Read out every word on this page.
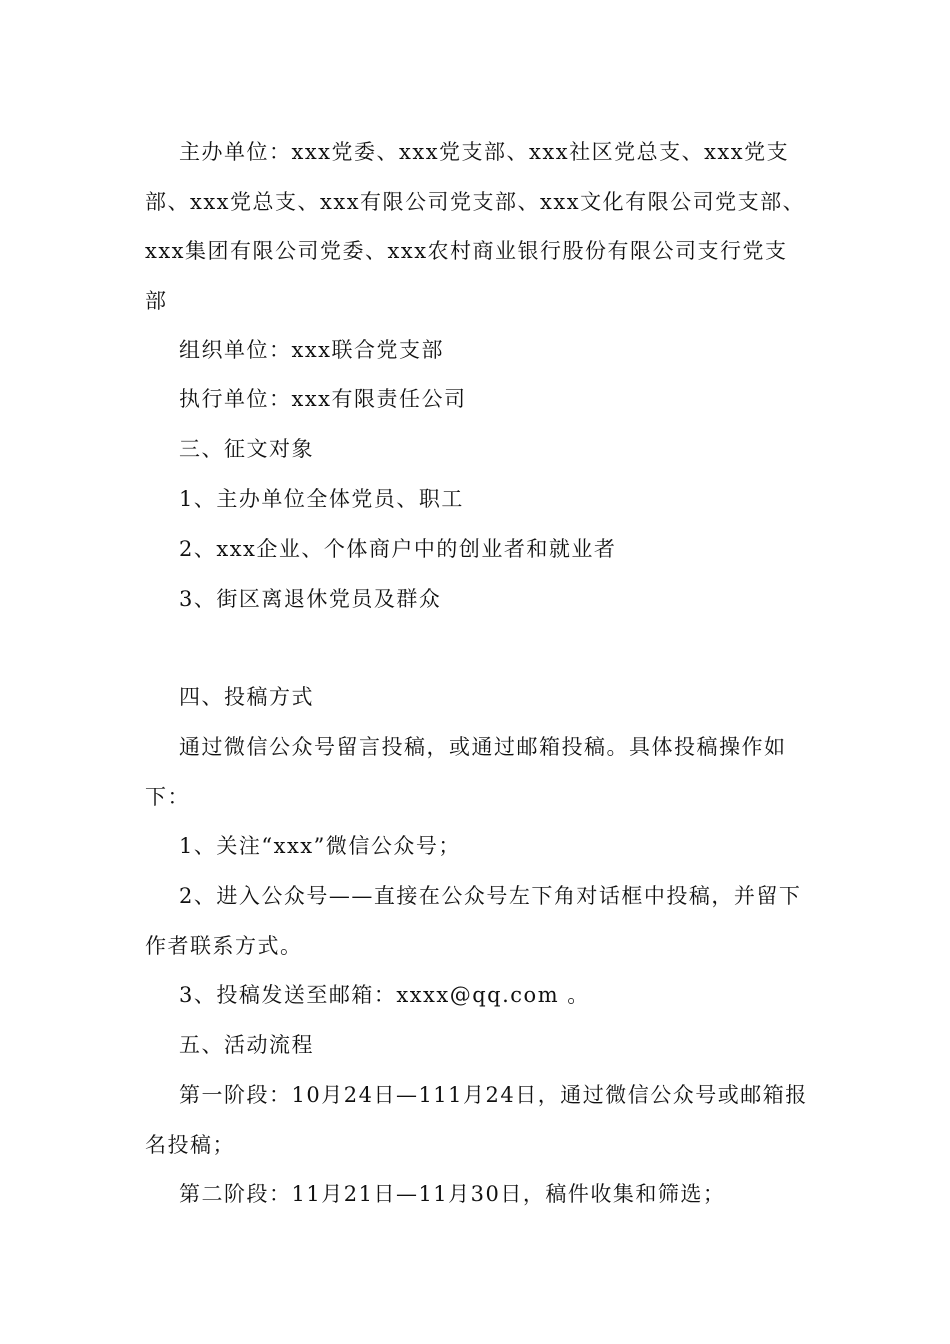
主办单位：xxx党委、xxx党支部、xxx社区党总支、xxx党支部、xxx党总支、xxx有限公司党支部、xxx文化有限公司党支部、xxx集团有限公司党委、xxx农村商业银行股份有限公司支行党支部

组织单位：xxx联合党支部

执行单位：xxx有限责任公司

三、征文对象

1、主办单位全体党员、职工

2、xxx企业、个体商户中的创业者和就业者

3、街区离退休党员及群众

四、投稿方式

通过微信公众号留言投稿，或通过邮箱投稿。具体投稿操作如下：

1、关注“xxx”微信公众号；

2、进入公众号——直接在公众号左下角对话框中投稿，并留下作者联系方式。

3、投稿发送至邮箱：xxxx@qq.com 。

五、活动流程

第一阶段：10月24日—111月24日，通过微信公众号或邮箱报名投稿；

第二阶段：11月21日—11月30日，稿件收集和筛选；
